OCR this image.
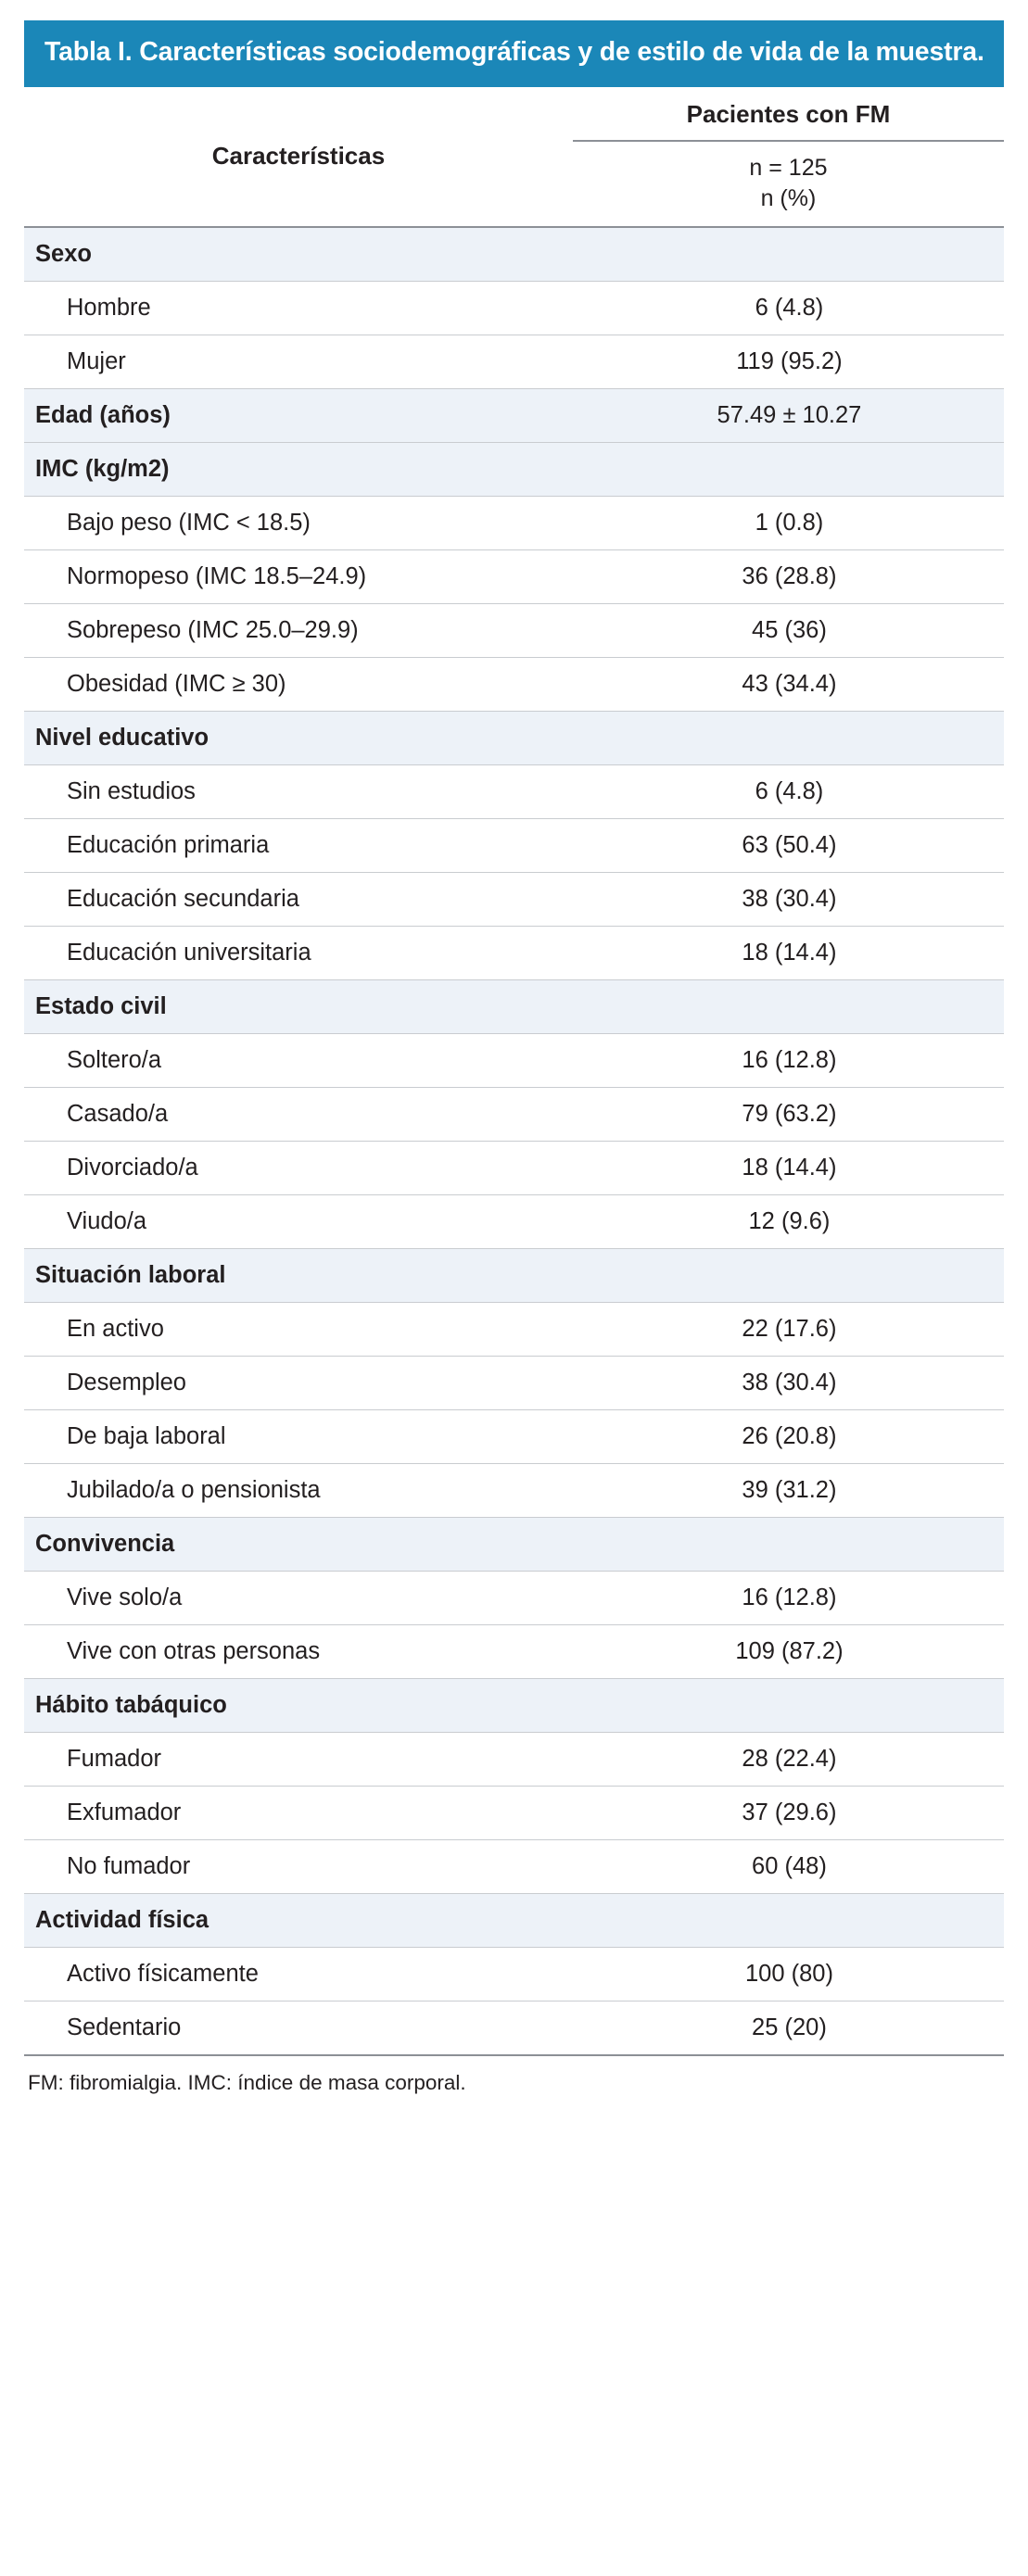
Tabla I. Características sociodemográficas y de estilo de vida de la muestra.
Características	Pacientes con FM
n = 125
n (%)

Sexo	
Hombre	6 (4.8)
Mujer	119 (95.2)
Edad (años)	57.49 ± 10.27
IMC (kg/m2)	
Bajo peso (IMC < 18.5)	1 (0.8)
Normopeso (IMC 18.5–24.9)	36 (28.8)
Sobrepeso (IMC 25.0–29.9)	45 (36)
Obesidad (IMC ≥ 30)	43 (34.4)
Nivel educativo	
Sin estudios	6 (4.8)
Educación primaria	63 (50.4)
Educación secundaria	38 (30.4)
Educación universitaria	18 (14.4)
Estado civil	
Soltero/a	16 (12.8)
Casado/a	79 (63.2)
Divorciado/a	18 (14.4)
Viudo/a	12 (9.6)
Situación laboral	
En activo	22 (17.6)
Desempleo	38 (30.4)
De baja laboral	26 (20.8)
Jubilado/a o pensionista	39 (31.2)
Convivencia	
Vive solo/a	16 (12.8)
Vive con otras personas	109 (87.2)
Hábito tabáquico	
Fumador	28 (22.4)
Exfumador	37 (29.6)
No fumador	60 (48)
Actividad física	
Activo físicamente	100 (80)
Sedentario	25 (20)
FM: fibromialgia. IMC: índice de masa corporal.
